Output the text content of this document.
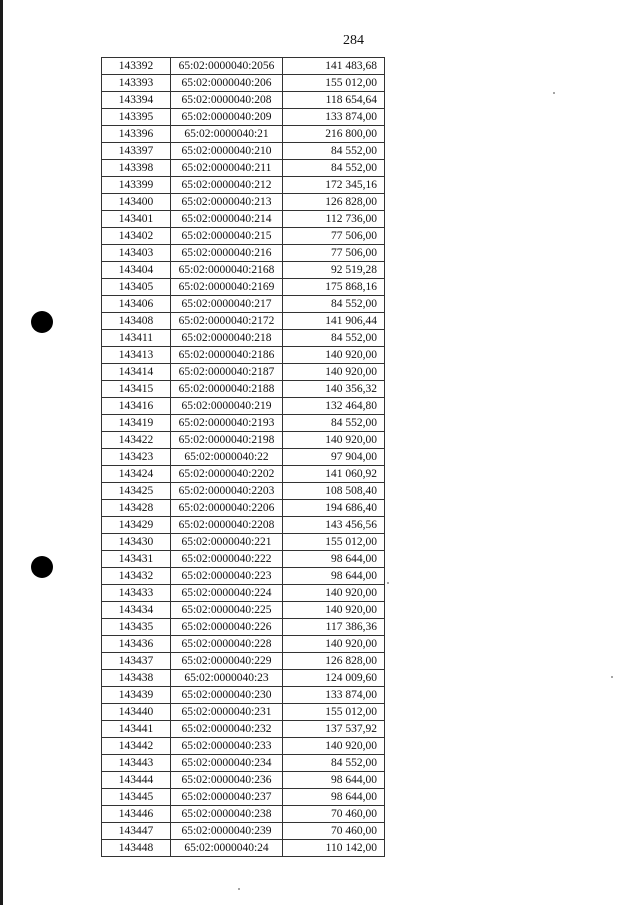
284
143392	65:02:0000040:2056	141 483,68
143393	65:02:0000040:206	155 012,00
143394	65:02:0000040:208	118 654,64
143395	65:02:0000040:209	133 874,00
143396	65:02:0000040:21	216 800,00
143397	65:02:0000040:210	84 552,00
143398	65:02:0000040:211	84 552,00
143399	65:02:0000040:212	172 345,16
143400	65:02:0000040:213	126 828,00
143401	65:02:0000040:214	112 736,00
143402	65:02:0000040:215	77 506,00
143403	65:02:0000040:216	77 506,00
143404	65:02:0000040:2168	92 519,28
143405	65:02:0000040:2169	175 868,16
143406	65:02:0000040:217	84 552,00
143408	65:02:0000040:2172	141 906,44
143411	65:02:0000040:218	84 552,00
143413	65:02:0000040:2186	140 920,00
143414	65:02:0000040:2187	140 920,00
143415	65:02:0000040:2188	140 356,32
143416	65:02:0000040:219	132 464,80
143419	65:02:0000040:2193	84 552,00
143422	65:02:0000040:2198	140 920,00
143423	65:02:0000040:22	97 904,00
143424	65:02:0000040:2202	141 060,92
143425	65:02:0000040:2203	108 508,40
143428	65:02:0000040:2206	194 686,40
143429	65:02:0000040:2208	143 456,56
143430	65:02:0000040:221	155 012,00
143431	65:02:0000040:222	98 644,00
143432	65:02:0000040:223	98 644,00
143433	65:02:0000040:224	140 920,00
143434	65:02:0000040:225	140 920,00
143435	65:02:0000040:226	117 386,36
143436	65:02:0000040:228	140 920,00
143437	65:02:0000040:229	126 828,00
143438	65:02:0000040:23	124 009,60
143439	65:02:0000040:230	133 874,00
143440	65:02:0000040:231	155 012,00
143441	65:02:0000040:232	137 537,92
143442	65:02:0000040:233	140 920,00
143443	65:02:0000040:234	84 552,00
143444	65:02:0000040:236	98 644,00
143445	65:02:0000040:237	98 644,00
143446	65:02:0000040:238	70 460,00
143447	65:02:0000040:239	70 460,00
143448	65:02:0000040:24	110 142,00
